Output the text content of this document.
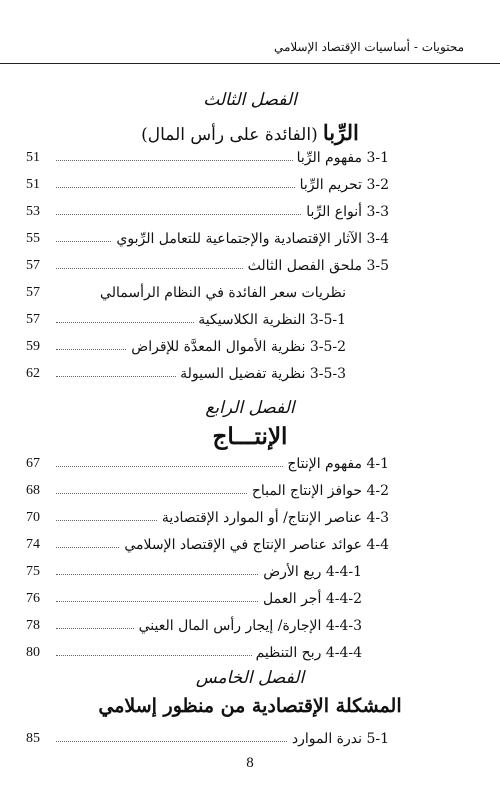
محتويات - أساسيات الإقتصاد الإسلامي
الفصل الثالث
الرِّبا (الفائدة على رأس المال)
51	3-1 مفهوم الرِّبا
51	3-2 تحريم الرِّبا
53	3-3 أنواع الرِّبا
55	3-4 الآثار الإقتصادية والإجتماعية للتعامل الرِّبوي
57	3-5 ملحق الفصل الثالث
57	نظريات سعر الفائدة في النظام الرأسمالي
57	3-5-1 النظرية الكلاسيكية
59	3-5-2 نظرية الأموال المعدَّة للإقراض
62	3-5-3 نظرية تفضيل السيولة
الفصل الرابع
الإنتـــاج
67	4-1 مفهوم الإنتاج
68	4-2 حوافز الإنتاج المباح
70	4-3 عناصر الإنتاج/ أو الموارد الإقتصادية
74	4-4 عوائد عناصر الإنتاج في الإقتصاد الإسلامي
75	4-4-1 ريع الأرض
76	4-4-2 أجر العمل
78	4-4-3 الإجارة/ إيجار رأس المال العيني
80	4-4-4 ربح التنظيم
الفصل الخامس
المشكلة الإقتصادية من منظور إسلامي
85	5-1 ندرة الموارد
8
